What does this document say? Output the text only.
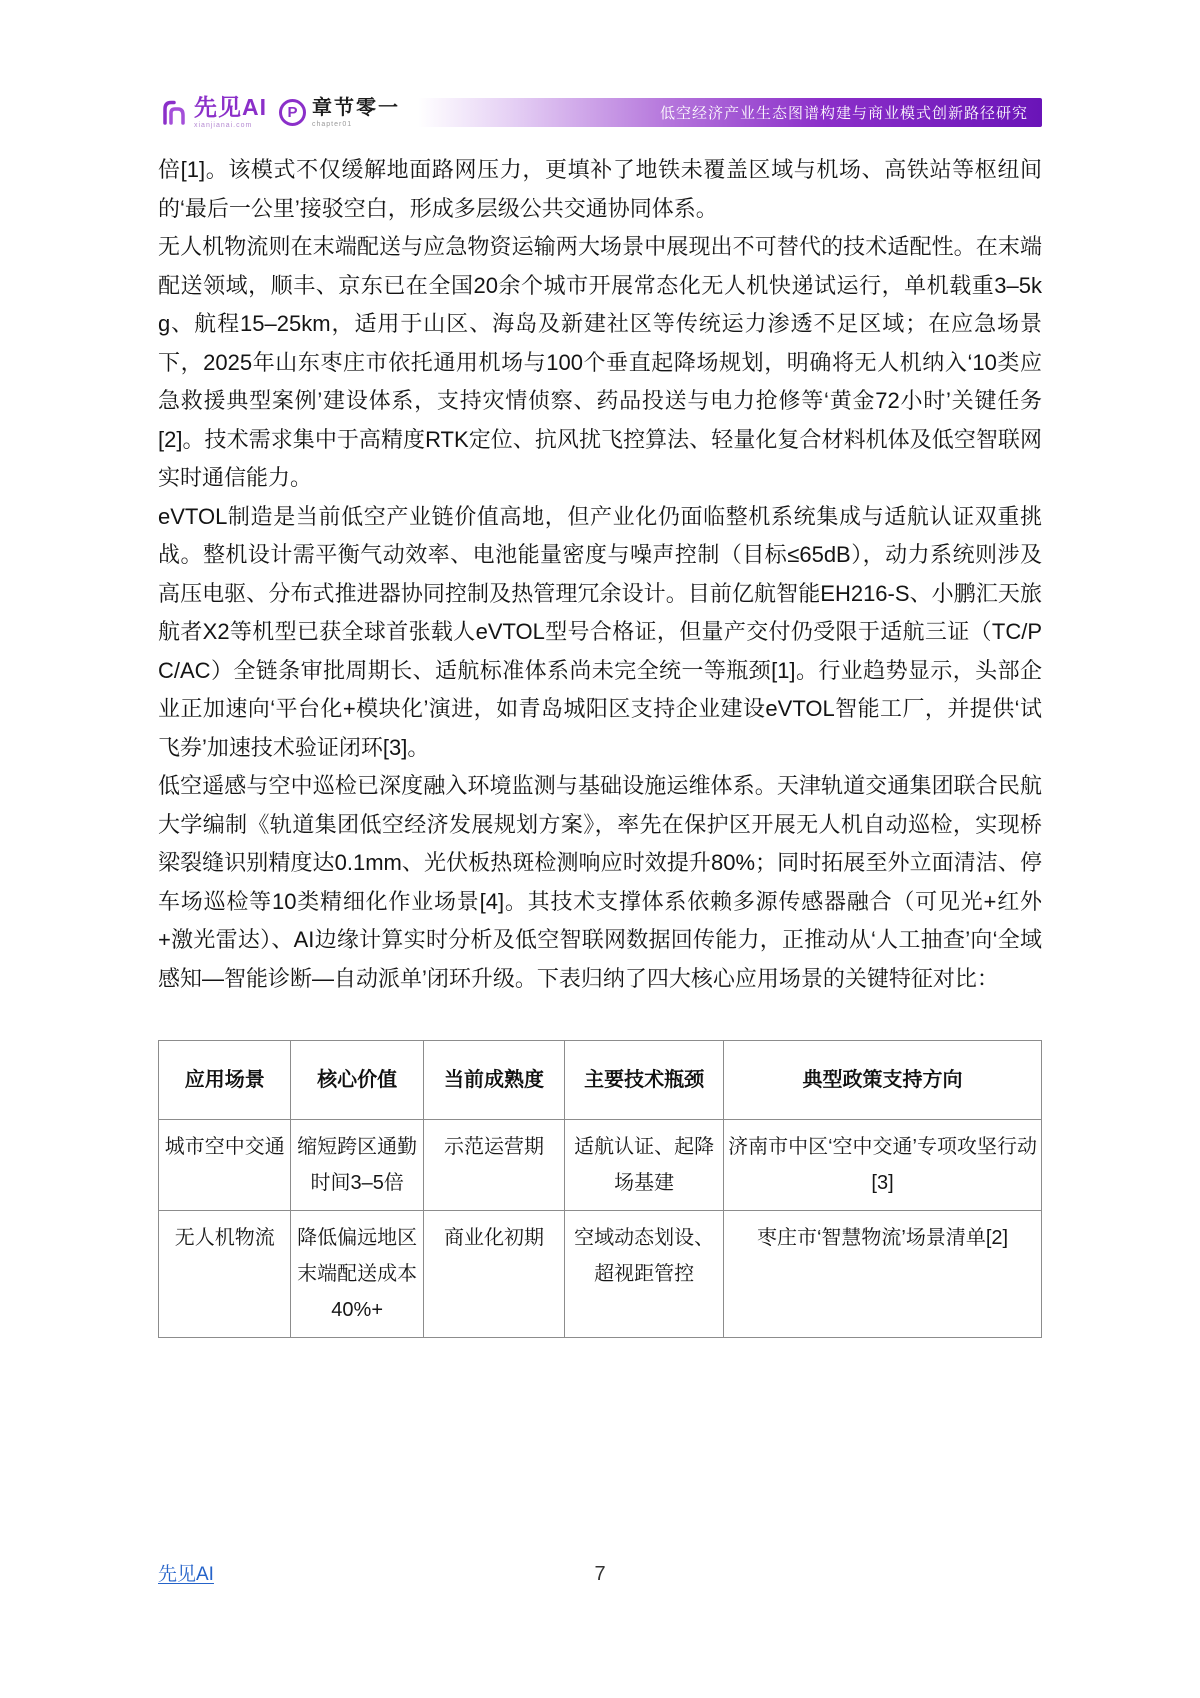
先见AI
xianjianai.com
P 章节零一
chapter01
低空经济产业生态图谱构建与商业模式创新路径研究

倍[1]。该模式不仅缓解地面路网压力，更填补了地铁未覆盖区域与机场、高铁站等枢纽间的‘最后一公里’接驳空白，形成多层级公共交通协同体系。

无人机物流则在末端配送与应急物资运输两大场景中展现出不可替代的技术适配性。在末端配送领域，顺丰、京东已在全国20余个城市开展常态化无人机快递试运行，单机载重3–5kg、航程15–25km，适用于山区、海岛及新建社区等传统运力渗透不足区域；在应急场景下，2025年山东枣庄市依托通用机场与100个垂直起降场规划，明确将无人机纳入‘10类应急救援典型案例’建设体系，支持灾情侦察、药品投送与电力抢修等‘黄金72小时’关键任务[2]。技术需求集中于高精度RTK定位、抗风扰飞控算法、轻量化复合材料机体及低空智联网实时通信能力。

eVTOL制造是当前低空产业链价值高地，但产业化仍面临整机系统集成与适航认证双重挑战。整机设计需平衡气动效率、电池能量密度与噪声控制（目标≤65dB），动力系统则涉及高压电驱、分布式推进器协同控制及热管理冗余设计。目前亿航智能EH216-S、小鹏汇天旅航者X2等机型已获全球首张载人eVTOL型号合格证，但量产交付仍受限于适航三证（TC/PC/AC）全链条审批周期长、适航标准体系尚未完全统一等瓶颈[1]。行业趋势显示，头部企业正加速向‘平台化+模块化’演进，如青岛城阳区支持企业建设eVTOL智能工厂，并提供‘试飞券’加速技术验证闭环[3]。

低空遥感与空中巡检已深度融入环境监测与基础设施运维体系。天津轨道交通集团联合民航大学编制《轨道集团低空经济发展规划方案》，率先在保护区开展无人机自动巡检，实现桥梁裂缝识别精度达0.1mm、光伏板热斑检测响应时效提升80%；同时拓展至外立面清洁、停车场巡检等10类精细化作业场景[4]。其技术支撑体系依赖多源传感器融合（可见光+红外+激光雷达）、AI边缘计算实时分析及低空智联网数据回传能力，正推动从‘人工抽查’向‘全域感知—智能诊断—自动派单’闭环升级。下表归纳了四大核心应用场景的关键特征对比：

应用场景	核心价值	当前成熟度	主要技术瓶颈	典型政策支持方向
城市空中交通	缩短跨区通勤时间3–5倍	示范运营期	适航认证、起降场基建	济南市中区‘空中交通’专项攻坚行动[3]
无人机物流	降低偏远地区末端配送成本40%+	商业化初期	空域动态划设、超视距管控	枣庄市‘智慧物流’场景清单[2]
先见AI	7
